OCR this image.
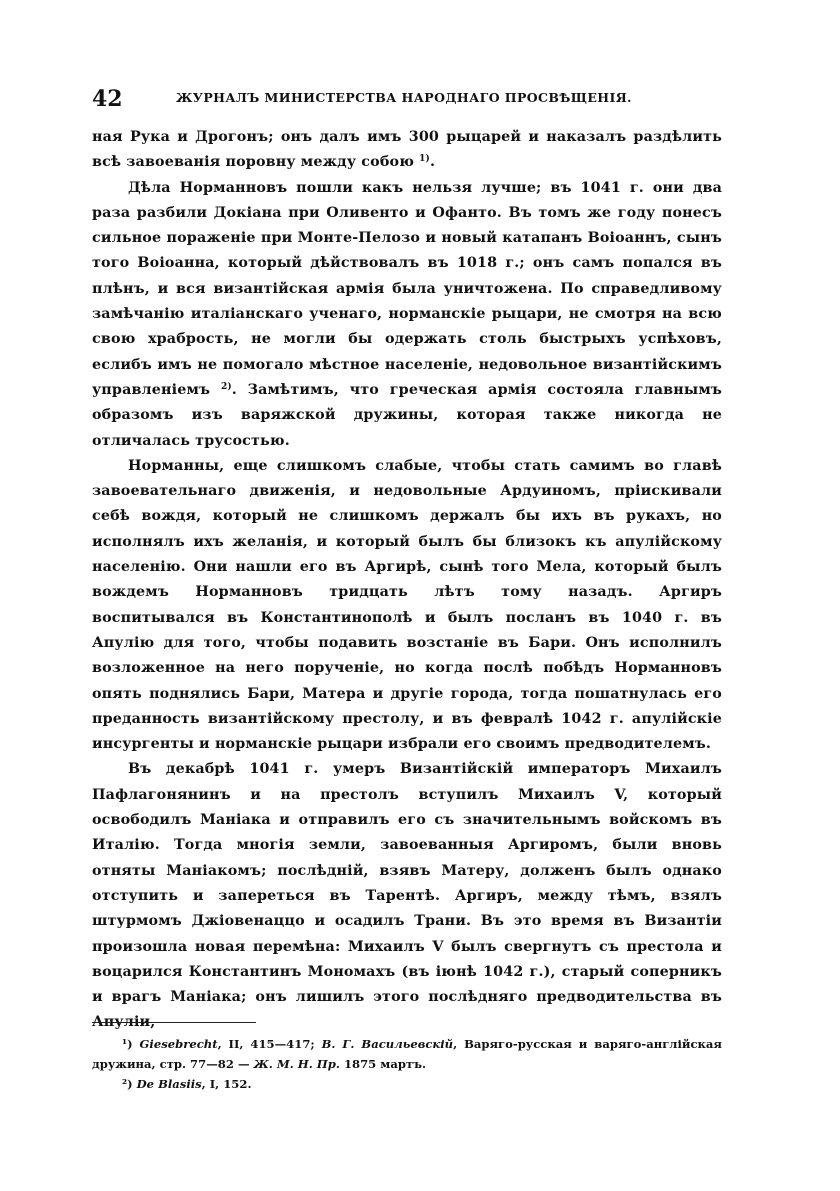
42	ЖУРНАЛЪ МИНИСТЕРСТВА НАРОДНАГО ПРОСВѢЩЕНІЯ.

ная Рука и Дрогонъ; онъ далъ имъ 300 рыцарей и наказалъ раздѣлить всѣ завоеванія поровну между собою $^{1)}$.

Дѣла Норманновъ пошли какъ нельзя лучше; въ 1041 г. они два раза разбили Докіана при Оливенто и Офанто. Въ томъ же году понесъ сильное пораженіе при Монте-Пелозо и новый катапанъ Воіоаннъ, сынъ того Воіоанна, который дѣйствовалъ въ 1018 г.; онъ самъ попался въ плѣнъ, и вся византійская армія была уничтожена. По справедливому замѣчанію италіанскаго ученаго, норманскіе рыцари, не смотря на всю свою храбрость, не могли бы одержать столь быстрыхъ успѣховъ, еслибъ имъ не помогало мѣстное населеніе, недовольное византійскимъ управленіемъ $^{2)}$. Замѣтимъ, что греческая армія состояла главнымъ образомъ изъ варяжской дружины, которая также никогда не отличалась трусостью.

Норманны, еще слишкомъ слабые, чтобы стать самимъ во главѣ завоевательнаго движенія, и недовольные Ардуиномъ, пріискивали себѣ вождя, который не слишкомъ держалъ бы ихъ въ рукахъ, но исполнялъ ихъ желанія, и который былъ бы близокъ къ апулійскому населенію. Они нашли его въ Аргирѣ, сынѣ того Мела, который былъ вождемъ Норманновъ тридцать лѣтъ тому назадъ. Аргиръ воспитывался въ Константинополѣ и былъ посланъ въ 1040 г. въ Апулію для того, чтобы подавить возстаніе въ Бари. Онъ исполнилъ возложенное на него порученіе, но когда послѣ побѣдъ Норманновъ опять поднялись Бари, Матера и другіе города, тогда пошатнулась его преданность византійскому престолу, и въ февралѣ 1042 г. апулійскіе инсургенты и норманскіе рыцари избрали его своимъ предводителемъ.

Въ декабрѣ 1041 г. умеръ Византійскій императоръ Михаилъ Пафлагонянинъ и на престолъ вступилъ Михаилъ V, который освободилъ Маніака и отправилъ его съ значительнымъ войскомъ въ Италію. Тогда многія земли, завоеванныя Аргиромъ, были вновь отняты Маніакомъ; послѣдній, взявъ Матеру, долженъ былъ однако отступить и запереться въ Тарентѣ. Аргиръ, между тѣмъ, взялъ штурмомъ Джіовенаццо и осадилъ Трани. Въ это время въ Византіи произошла новая перемѣна: Михаилъ V былъ свергнутъ съ престола и воцарился Константинъ Мономахъ (въ іюнѣ 1042 г.), старый соперникъ и врагъ Маніака; онъ лишилъ этого послѣдняго предводительства въ Апуліи,

¹) Giesebrecht, II, 415—417; В. Г. Васильевскій, Варяго-русская и варяго-англійская дружина, стр. 77—82 — Ж. М. Н. Пр. 1875 мартъ.

²) De Blasiis, I, 152.
